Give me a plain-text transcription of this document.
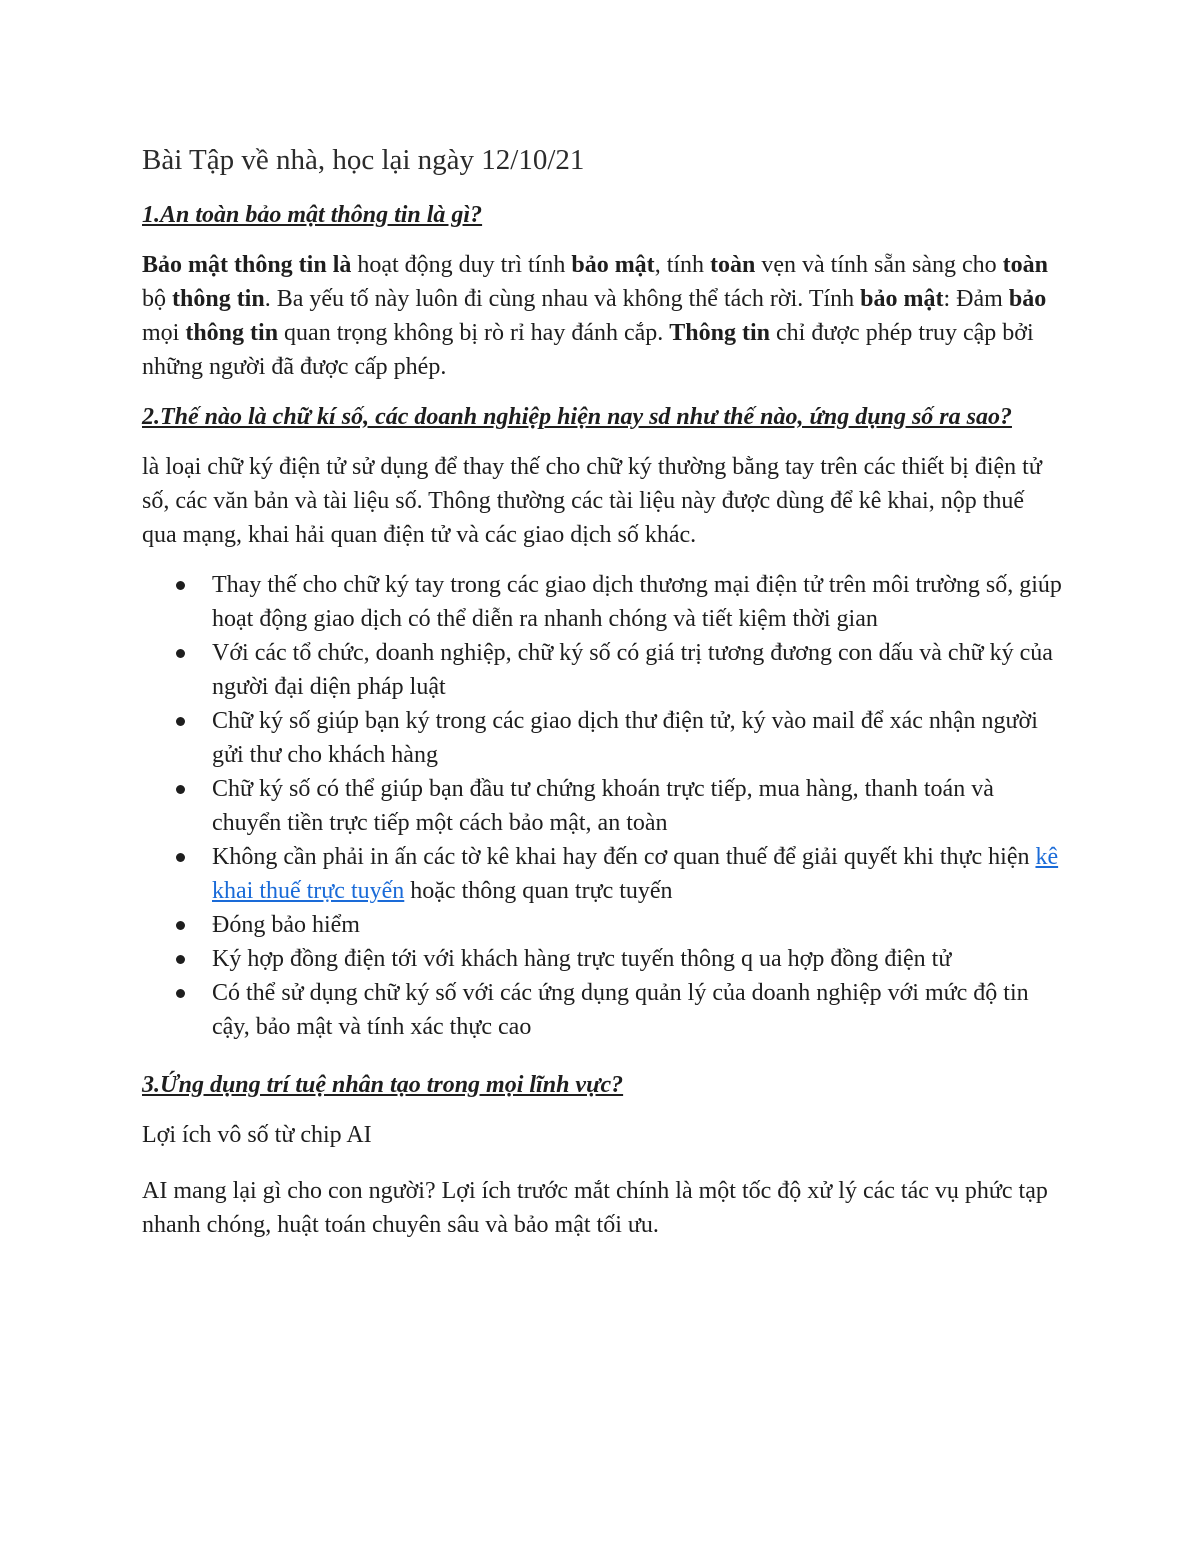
Bài Tập về nhà, học lại ngày 12/10/21
1.An toàn bảo mật thông tin là gì?

Bảo mật thông tin là hoạt động duy trì tính bảo mật, tính toàn vẹn và tính sẵn sàng cho toàn bộ thông tin. Ba yếu tố này luôn đi cùng nhau và không thể tách rời. Tính bảo mật: Đảm bảo mọi thông tin quan trọng không bị rò rỉ hay đánh cắp. Thông tin chỉ được phép truy cập bởi những người đã được cấp phép.

2.Thế nào là chữ kí số, các doanh nghiệp hiện nay sd như thế nào, ứng dụng số ra sao?

là loại chữ ký điện tử sử dụng để thay thế cho chữ ký thường bằng tay trên các thiết bị điện tử số, các văn bản và tài liệu số. Thông thường các tài liệu này được dùng để kê khai, nộp thuế qua mạng, khai hải quan điện tử và các giao dịch số khác.

Thay thế cho chữ ký tay trong các giao dịch thương mại điện tử trên môi trường số, giúp hoạt động giao dịch có thể diễn ra nhanh chóng và tiết kiệm thời gian
Với các tổ chức, doanh nghiệp, chữ ký số có giá trị tương đương con dấu và chữ ký của người đại diện pháp luật
Chữ ký số giúp bạn ký trong các giao dịch thư điện tử, ký vào mail để xác nhận người gửi thư cho khách hàng
Chữ ký số có thể giúp bạn đầu tư chứng khoán trực tiếp, mua hàng, thanh toán và chuyển tiền trực tiếp một cách bảo mật, an toàn
Không cần phải in ấn các tờ kê khai hay đến cơ quan thuế để giải quyết khi thực hiện kê khai thuế trực tuyến hoặc thông quan trực tuyến
Đóng bảo hiểm
Ký hợp đồng điện tới với khách hàng trực tuyến thông q ua hợp đồng điện tử
Có thể sử dụng chữ ký số với các ứng dụng quản lý của doanh nghiệp với mức độ tin cậy, bảo mật và tính xác thực cao
3.Ứng dụng trí tuệ nhân tạo trong mọi lĩnh vực?

Lợi ích vô số từ chip AI

AI mang lại gì cho con người? Lợi ích trước mắt chính là một tốc độ xử lý các tác vụ phức tạp nhanh chóng, huật toán chuyên sâu và bảo mật tối ưu.
